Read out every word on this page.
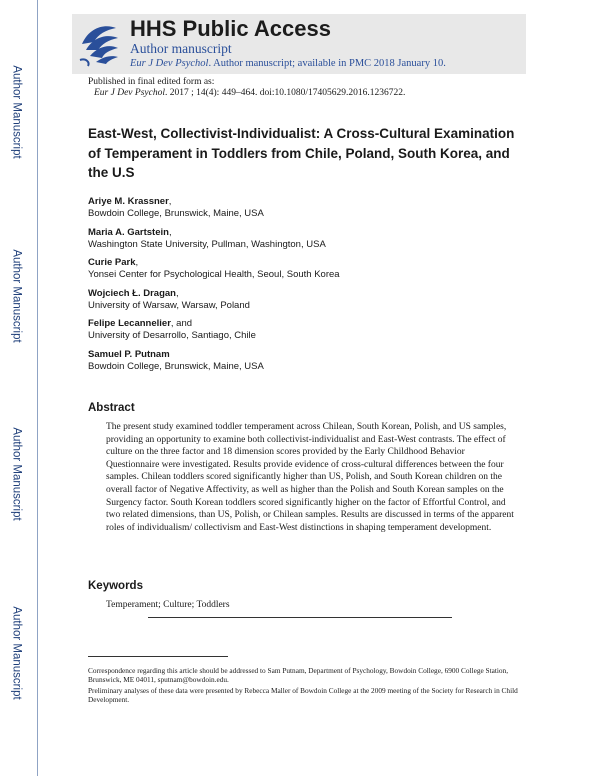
Author Manuscript
Author Manuscript
Author Manuscript
Author Manuscript
HHS Public Access
Author manuscript
Eur J Dev Psychol. Author manuscript; available in PMC 2018 January 10.
Published in final edited form as:
Eur J Dev Psychol. 2017 ; 14(4): 449–464. doi:10.1080/17405629.2016.1236722.
East-West, Collectivist-Individualist: A Cross-Cultural Examination of Temperament in Toddlers from Chile, Poland, South Korea, and the U.S
Ariye M. Krassner,
Bowdoin College, Brunswick, Maine, USA
Maria A. Gartstein,
Washington State University, Pullman, Washington, USA
Curie Park,
Yonsei Center for Psychological Health, Seoul, South Korea
Wojciech Ł. Dragan,
University of Warsaw, Warsaw, Poland
Felipe Lecannelier, and
University of Desarrollo, Santiago, Chile
Samuel P. Putnam
Bowdoin College, Brunswick, Maine, USA
Abstract
The present study examined toddler temperament across Chilean, South Korean, Polish, and US samples, providing an opportunity to examine both collectivist-individualist and East-West contrasts. The effect of culture on the three factor and 18 dimension scores provided by the Early Childhood Behavior Questionnaire were investigated. Results provide evidence of cross-cultural differences between the four samples. Chilean toddlers scored significantly higher than US, Polish, and South Korean children on the overall factor of Negative Affectivity, as well as higher than the Polish and South Korean samples on the Surgency factor. South Korean toddlers scored significantly higher on the factor of Effortful Control, and two related dimensions, than US, Polish, or Chilean samples. Results are discussed in terms of the apparent roles of individualism/ collectivism and East-West distinctions in shaping temperament development.
Keywords
Temperament; Culture; Toddlers
Correspondence regarding this article should be addressed to Sam Putnam, Department of Psychology, Bowdoin College, 6900 College Station, Brunswick, ME 04011, sputnam@bowdoin.edu.
Preliminary analyses of these data were presented by Rebecca Maller of Bowdoin College at the 2009 meeting of the Society for Research in Child Development.
